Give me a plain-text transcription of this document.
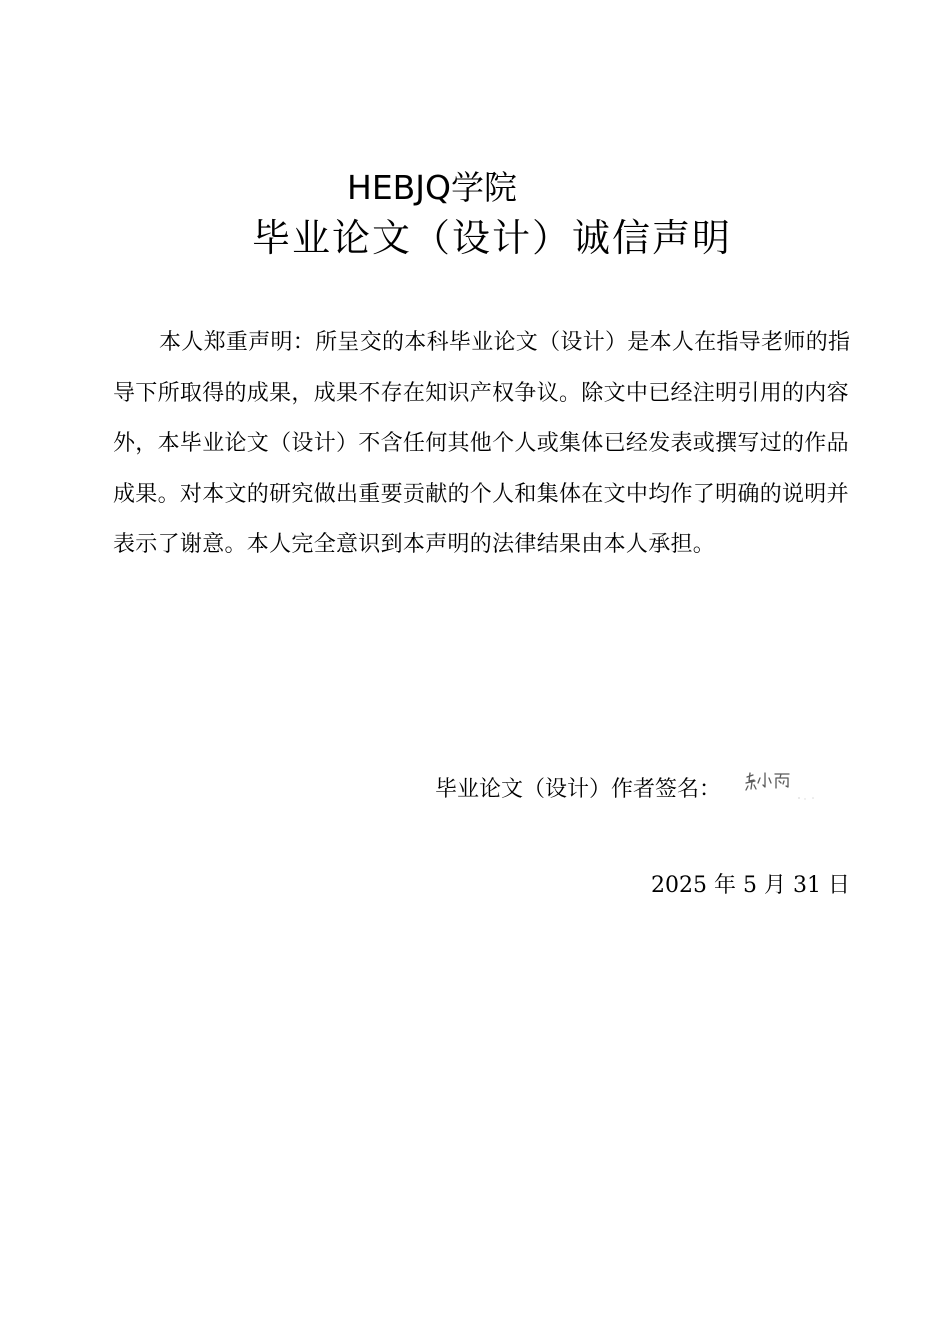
HEBJQ学院
毕业论文（设计）诚信声明
本人郑重声明：所呈交的本科毕业论文（设计）是本人在指导老师的指
导下所取得的成果，成果不存在知识产权争议。除文中已经注明引用的内容
外，本毕业论文（设计）不含任何其他个人或集体已经发表或撰写过的作品
成果。对本文的研究做出重要贡献的个人和集体在文中均作了明确的说明并
表示了谢意。本人完全意识到本声明的法律结果由本人承担。
毕业论文（设计）作者签名：
2025 年 5 月 31 日
